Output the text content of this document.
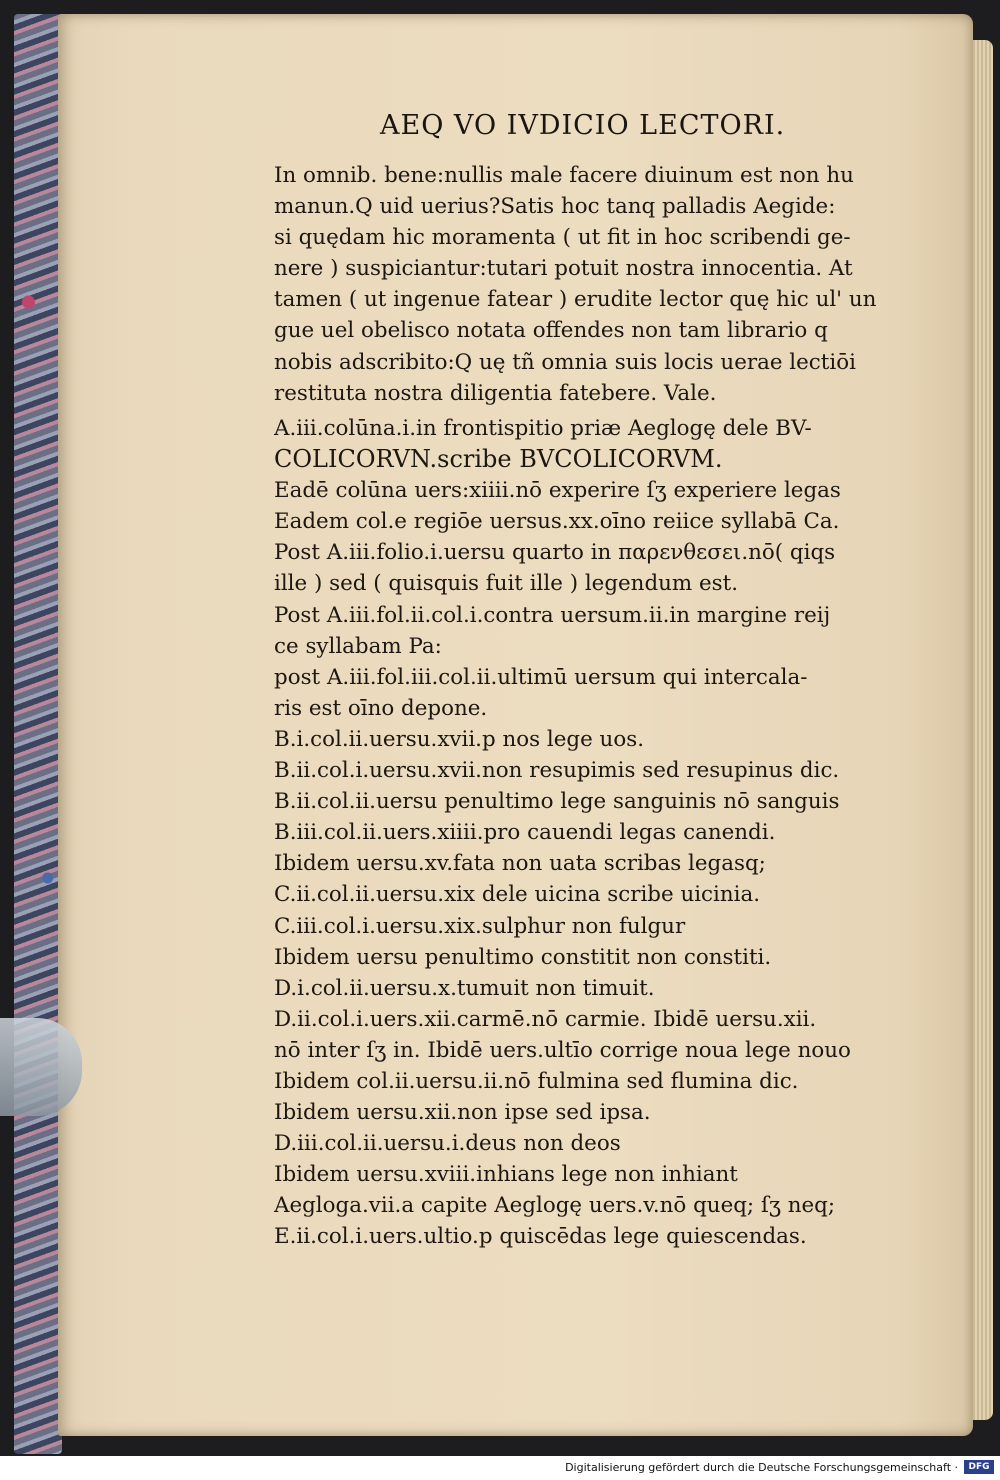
AEQ VO IVDICIO LECTORI.
In omnib. bene:nullis male facere diuinum est non hu
manun.Q uid uerius?Satis hoc tanq palladis Aegide:
si quędam hic moramenta ( ut fit in hoc scribendi ge-
nere ) suspiciantur:tutari potuit nostra innocentia. At
tamen ( ut ingenue fatear ) erudite lector quę hic ul' un
gue uel obelisco notata offendes non tam librario q
nobis adscribito:Q uę tñ omnia suis locis uerae lectiōi
restituta nostra diligentia fatebere. Vale.
A.iii.colūna.i.in frontispitio priæ Aeglogę dele BV-
COLICORVN.scribe BVCOLICORVM.
Eadē colūna uers:xiiii.nō experire ſʒ experiere legas
Eadem col.e regiōe uersus.xx.oīno reiice syllabā Ca.
Post A.iii.folio.i.uersu quarto in παρενθεσει.nō( qiqs
ille ) sed ( quisquis fuit ille ) legendum est.
Post A.iii.fol.ii.col.i.contra uersum.ii.in margine reij
ce syllabam Pa:
post A.iii.fol.iii.col.ii.ultimū uersum qui intercala-
ris est oīno depone.
B.i.col.ii.uersu.xvii.p nos lege uos.
B.ii.col.i.uersu.xvii.non resupimis sed resupinus dic.
B.ii.col.ii.uersu penultimo lege sanguinis nō sanguis
B.iii.col.ii.uers.xiiii.pro cauendi legas canendi.
Ibidem uersu.xv.fata non uata scribas legasq;
C.ii.col.ii.uersu.xix dele uicina scribe uicinia.
C.iii.col.i.uersu.xix.sulphur non fulgur
Ibidem uersu penultimo constitit non constiti.
D.i.col.ii.uersu.x.tumuit non timuit.
D.ii.col.i.uers.xii.carmē.nō carmie. Ibidē uersu.xii.
nō inter ſʒ in. Ibidē uers.ultīo corrige noua lege nouo
Ibidem col.ii.uersu.ii.nō fulmina sed flumina dic.
Ibidem uersu.xii.non ipse sed ipsa.
D.iii.col.ii.uersu.i.deus non deos
Ibidem uersu.xviii.inhians lege non inhiant
Aegloga.vii.a capite Aeglogę uers.v.nō queq; ſʒ neq;
E.ii.col.i.uers.ultio.p quiscēdas lege quiescendas.
Digitalisierung gefördert durch die Deutsche Forschungsgemeinschaft ·	DFG
